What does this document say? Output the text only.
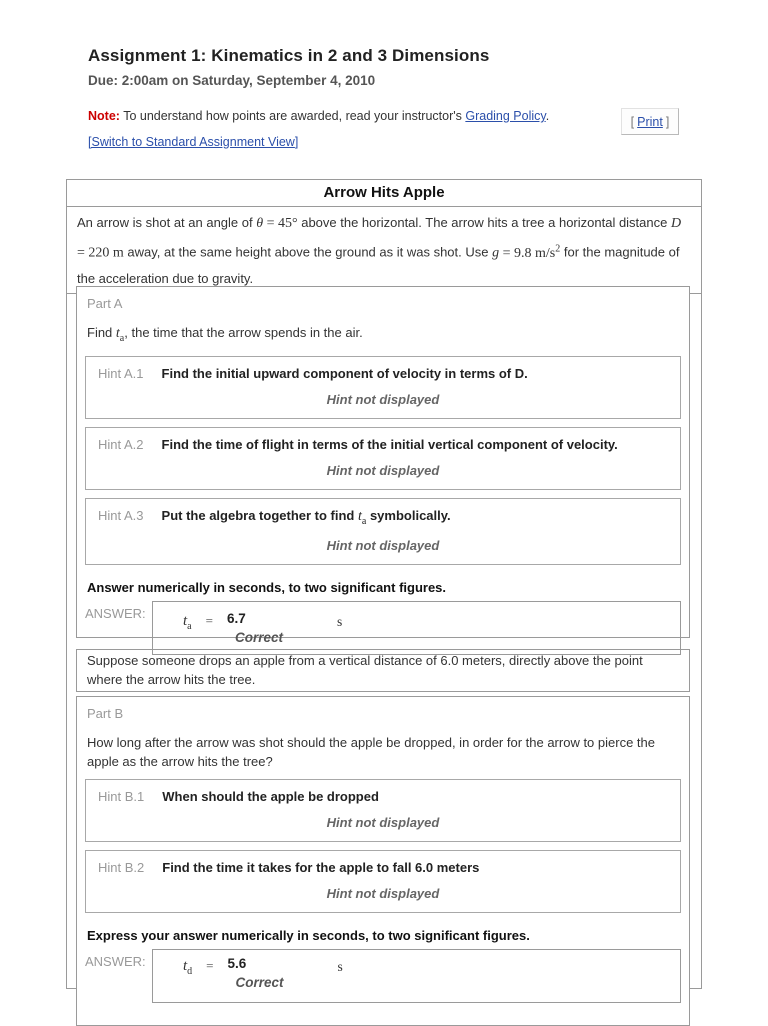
Assignment 1: Kinematics in 2 and 3 Dimensions
Due: 2:00am on Saturday, September 4, 2010
Note: To understand how points are awarded, read your instructor's Grading Policy.
[Switch to Standard Assignment View]
[ Print ]
Arrow Hits Apple
An arrow is shot at an angle of θ = 45° above the horizontal. The arrow hits a tree a horizontal distance D = 220 m away, at the same height above the ground as it was shot. Use g = 9.8 $m/s^2$ for the magnitude of the acceleration due to gravity.
Part A
Find $t_a$, the time that the arrow spends in the air.
Hint A.1 Find the initial upward component of velocity in terms of D.
Hint not displayed
Hint A.2 Find the time of flight in terms of the initial vertical component of velocity.
Hint not displayed
Hint A.3 Put the algebra together to find $t_a$ symbolically.
Hint not displayed
Answer numerically in seconds, to two significant figures.
ANSWER:	$t_a = 6.7$
Correct
s
Suppose someone drops an apple from a vertical distance of 6.0 meters, directly above the point where the arrow hits the tree.
Part B
How long after the arrow was shot should the apple be dropped, in order for the arrow to pierce the apple as the arrow hits the tree?
Hint B.1 When should the apple be dropped
Hint not displayed
Hint B.2 Find the time it takes for the apple to fall 6.0 meters
Hint not displayed
Express your answer numerically in seconds, to two significant figures.
ANSWER:	$t_d = 5.6$
Correct
s
